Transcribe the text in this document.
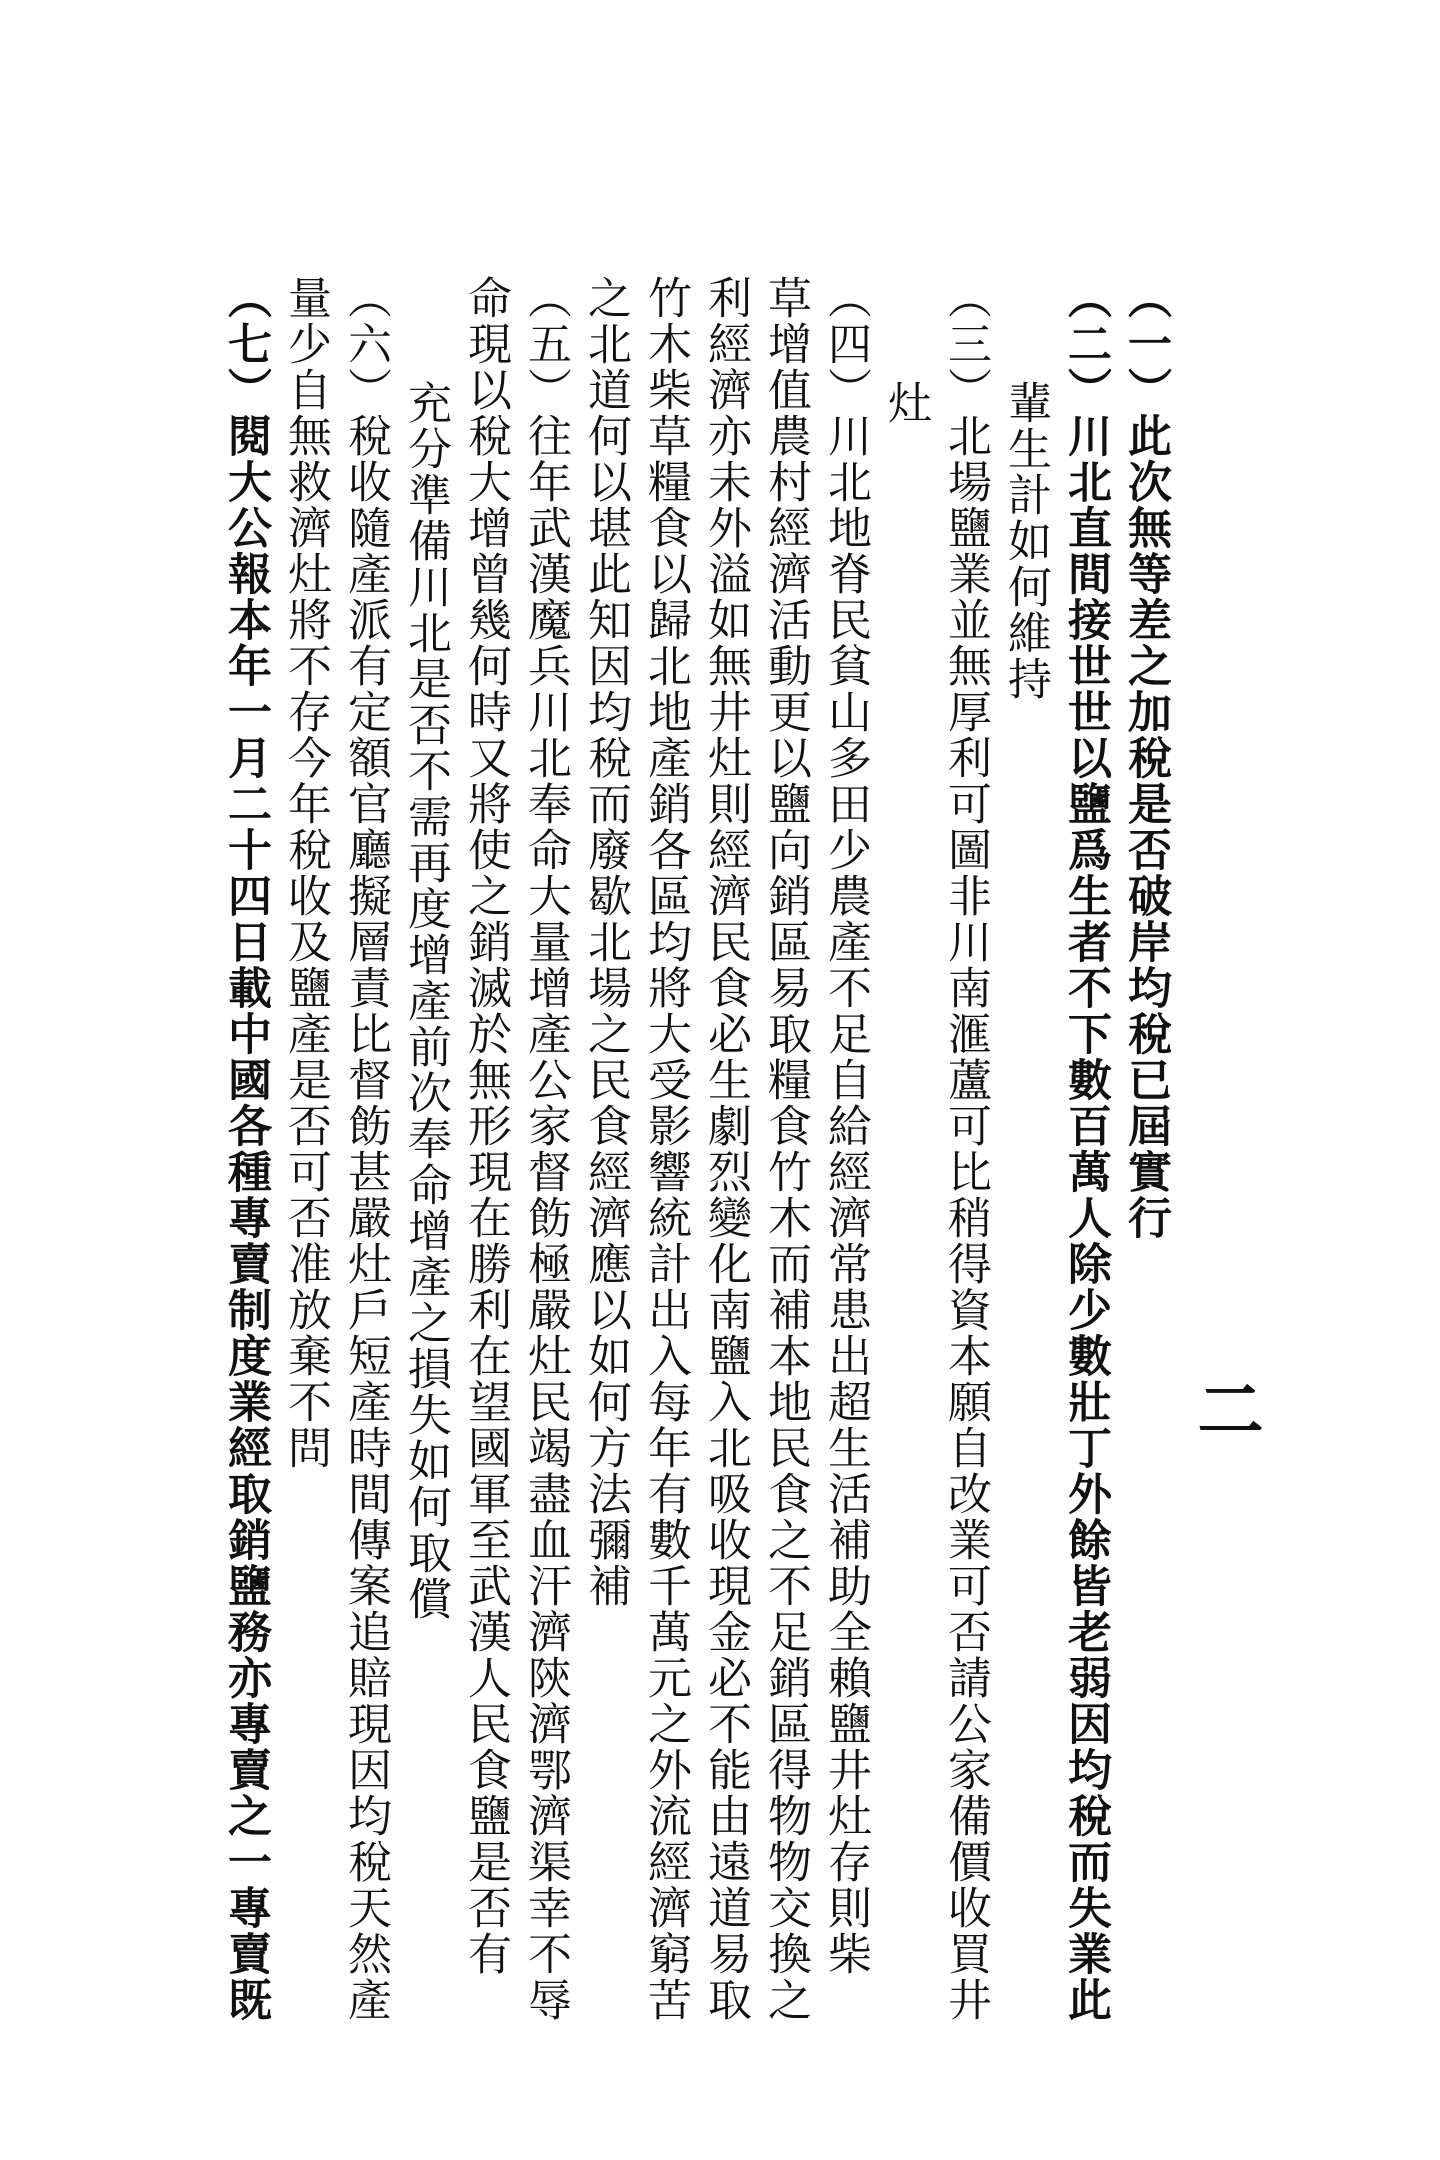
二
（一）此次無等差之加稅是否破岸均稅已屆實行
（二）川北直間接世世以鹽爲生者不下數百萬人除少數壯丁外餘皆老弱因均稅而失業此
輩生計如何維持
（三）北場鹽業並無厚利可圖非川南滙蘆可比稍得資本願自改業可否請公家備價收買井
灶
（四）川北地脊民貧山多田少農產不足自給經濟常患出超生活補助全賴鹽井灶存則柴
草增值農村經濟活動更以鹽向銷區易取糧食竹木而補本地民食之不足銷區得物物交換之
利經濟亦未外溢如無井灶則經濟民食必生劇烈變化南鹽入北吸收現金必不能由遠道易取
竹木柴草糧食以歸北地產銷各區均將大受影響統計出入每年有數千萬元之外流經濟窮苦
之北道何以堪此知因均稅而廢歇北場之民食經濟應以如何方法彌補
（五）往年武漢魔兵川北奉命大量增產公家督飭極嚴灶民竭盡血汗濟陝濟鄂濟渠幸不辱
命現以稅大增曾幾何時又將使之銷滅於無形現在勝利在望國軍至武漢人民食鹽是否有
充分準備川北是否不需再度增產前次奉命增產之損失如何取償
（六）稅收隨產派有定額官廳擬層責比督飭甚嚴灶戶短產時間傳案追賠現因均稅天然產
量少自無救濟灶將不存今年稅收及鹽產是否可否准放棄不問
（七）閱大公報本年一月二十四日載中國各種專賣制度業經取銷鹽務亦專賣之一專賣既
